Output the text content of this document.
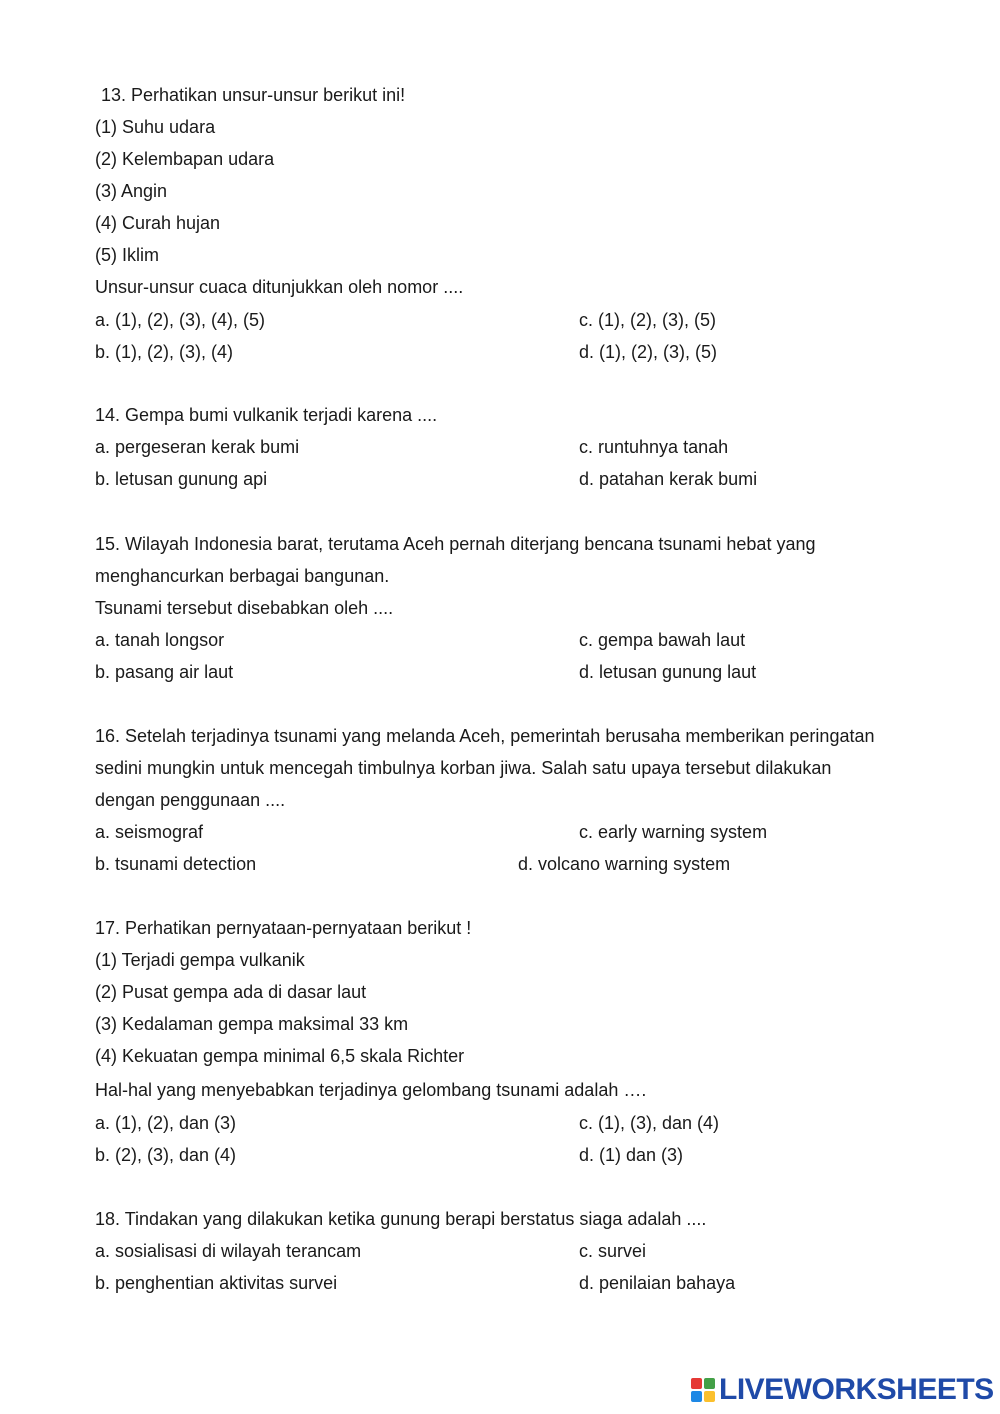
13. Perhatikan unsur-unsur berikut ini!
(1) Suhu udara
(2) Kelembapan udara
(3) Angin
(4) Curah hujan
(5) Iklim
Unsur-unsur cuaca ditunjukkan oleh nomor ....
a. (1), (2), (3), (4), (5)	c. (1), (2), (3), (5)
b. (1), (2), (3), (4)	d. (1), (2), (3), (5)
14. Gempa bumi vulkanik terjadi karena ....
a. pergeseran kerak bumi	c. runtuhnya tanah
b. letusan gunung api	d. patahan kerak bumi
15. Wilayah Indonesia barat, terutama Aceh pernah diterjang bencana tsunami hebat yang
menghancurkan berbagai bangunan.
Tsunami tersebut disebabkan oleh ....
a. tanah longsor	c. gempa bawah laut
b. pasang air laut	d. letusan gunung laut
16. Setelah terjadinya tsunami yang melanda Aceh, pemerintah berusaha memberikan peringatan
sedini mungkin untuk mencegah timbulnya korban jiwa. Salah satu upaya tersebut dilakukan
dengan penggunaan ....
a. seismograf	c. early warning system
b. tsunami detection	d. volcano warning system
17. Perhatikan pernyataan-pernyataan berikut !
(1) Terjadi gempa vulkanik
(2) Pusat gempa ada di dasar laut
(3) Kedalaman gempa maksimal 33 km
(4) Kekuatan gempa minimal 6,5 skala Richter
Hal-hal yang menyebabkan terjadinya gelombang tsunami adalah ….
a. (1), (2), dan (3)	c. (1), (3), dan (4)
b. (2), (3), dan (4)	d. (1) dan (3)
18. Tindakan yang dilakukan ketika gunung berapi berstatus siaga adalah ....
a. sosialisasi di wilayah terancam	c. survei
b. penghentian aktivitas survei	d. penilaian bahaya
LIVEWORKSHEETS
